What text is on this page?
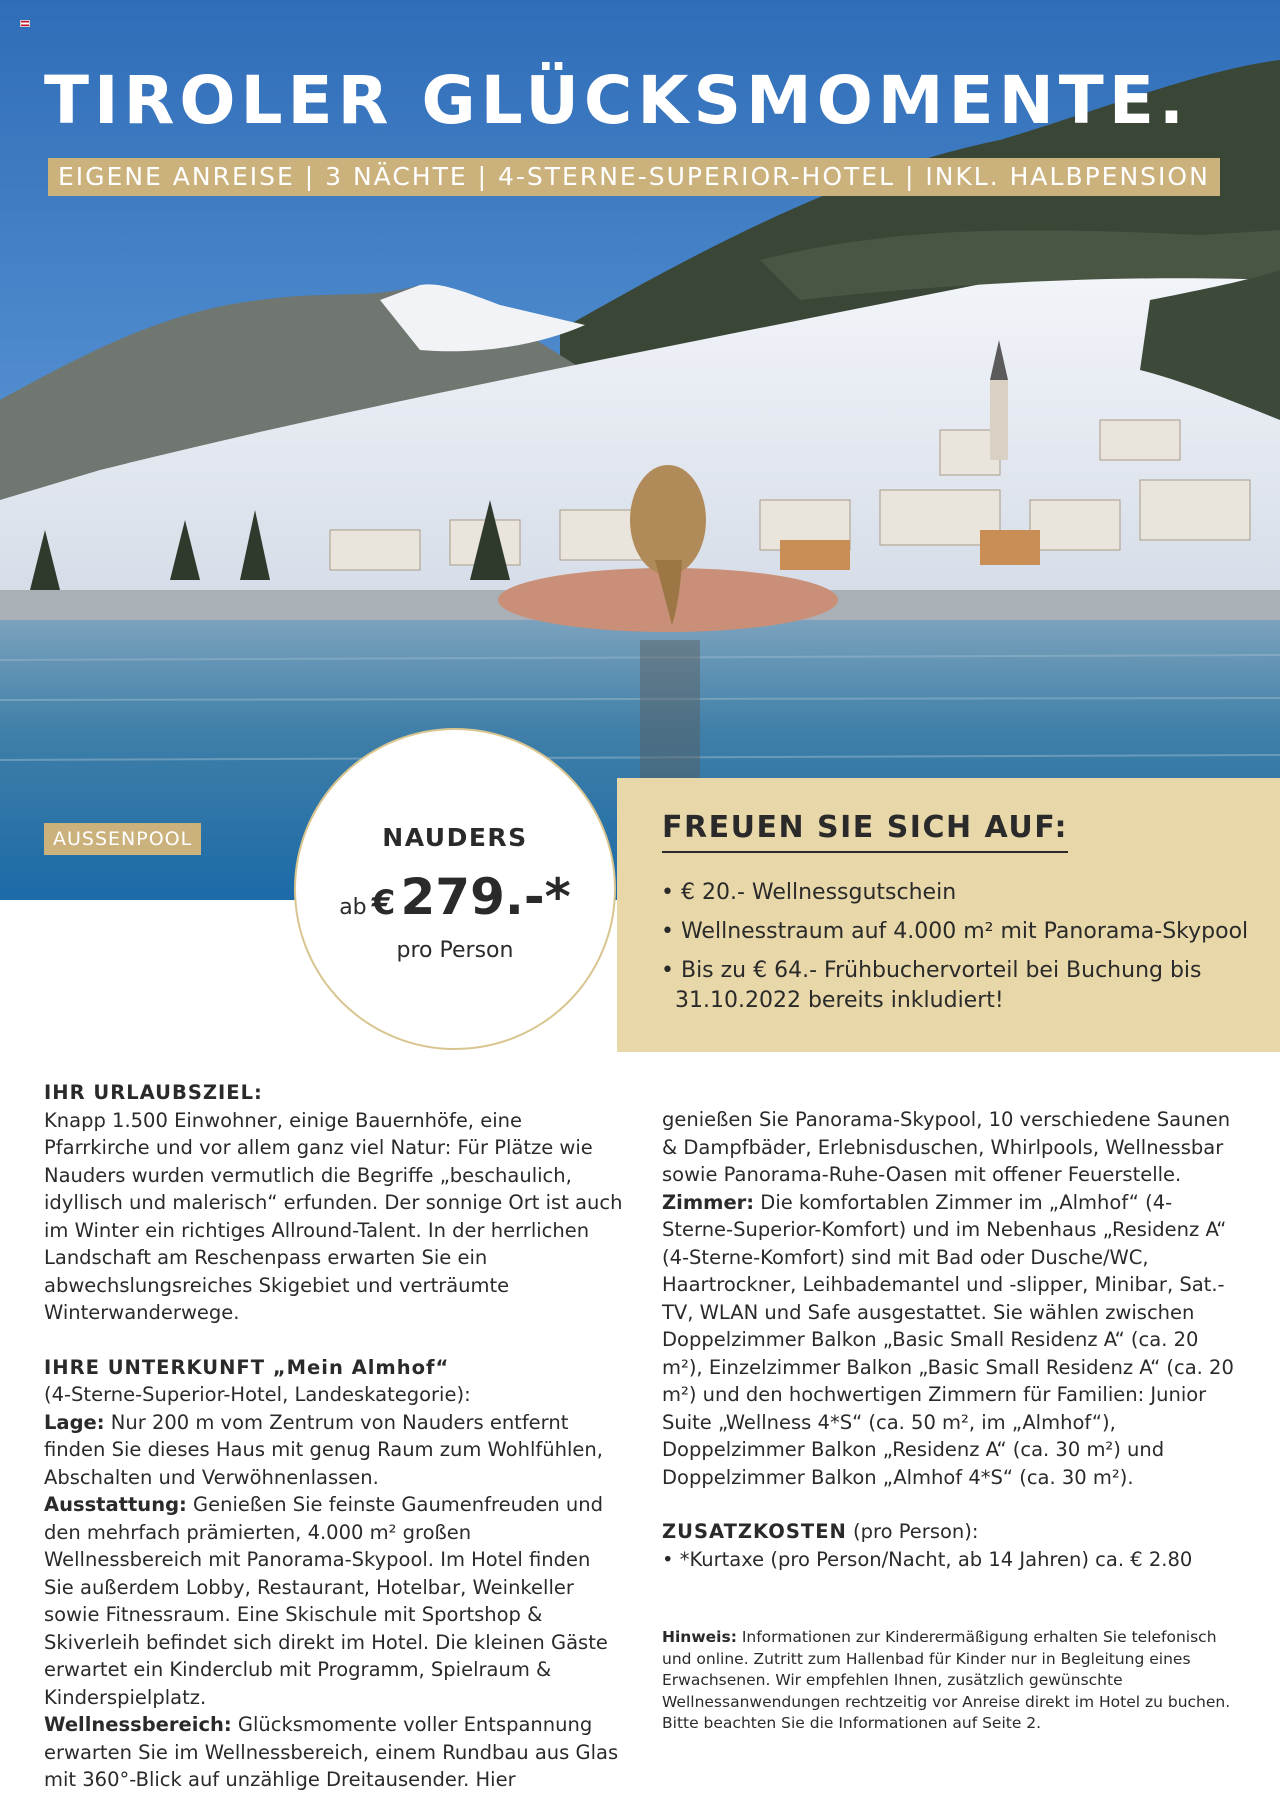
TIROLER GLÜCKSMOMENTE.
EIGENE ANREISE | 3 NÄCHTE | 4-STERNE-SUPERIOR-HOTEL | INKL. HALBPENSION
AUSSENPOOL	FREUEN SIE SICH AUF:
• € 20.- Wellnessgutschein
• Wellnesstraum auf 4.000 m² mit Panorama-Skypool
• Bis zu € 64.- Frühbuchervorteil bei Buchung bis 31.10.2022 bereits inkludiert!
NAUDERS
ab € 279.-*
pro Person
IHR URLAUBSZIEL:

Knapp 1.500 Einwohner, einige Bauernhöfe, eine Pfarrkirche und vor allem ganz viel Natur: Für Plätze wie Nauders wurden vermutlich die Begriffe „beschaulich, idyllisch und malerisch“ erfunden. Der sonnige Ort ist auch im Winter ein richtiges Allround-Talent. In der herrlichen Landschaft am Reschenpass erwarten Sie ein abwechslungsreiches Skigebiet und verträumte Winterwanderwege.

IHRE UNTERKUNFT „Mein Almhof“

(4-Sterne-Superior-Hotel, Landeskategorie):

Lage: Nur 200 m vom Zentrum von Nauders entfernt finden Sie dieses Haus mit genug Raum zum Wohlfühlen, Abschalten und Verwöhnenlassen.

Ausstattung: Genießen Sie feinste Gaumenfreuden und den mehrfach prämierten, 4.000 m² großen Wellnessbereich mit Panorama-Skypool. Im Hotel finden Sie außerdem Lobby, Restaurant, Hotelbar, Weinkeller sowie Fitnessraum. Eine Skischule mit Sportshop & Skiverleih befindet sich direkt im Hotel. Die kleinen Gäste erwartet ein Kinderclub mit Programm, Spielraum & Kinderspielplatz.

Wellnessbereich: Glücksmomente voller Entspannung erwarten Sie im Wellnessbereich, einem Rundbau aus Glas mit 360°-Blick auf unzählige Dreitausender. Hier

genießen Sie Panorama-Skypool, 10 verschiedene Saunen & Dampfbäder, Erlebnisduschen, Whirlpools, Wellnessbar sowie Panorama-Ruhe-Oasen mit offener Feuerstelle.

Zimmer: Die komfortablen Zimmer im „Almhof“ (4-Sterne-Superior-Komfort) und im Nebenhaus „Residenz A“ (4-Sterne-Komfort) sind mit Bad oder Dusche/WC, Haartrockner, Leihbademantel und -slipper, Minibar, Sat.-TV, WLAN und Safe ausgestattet. Sie wählen zwischen Doppelzimmer Balkon „Basic Small Residenz A“ (ca. 20 m²), Einzelzimmer Balkon „Basic Small Residenz A“ (ca. 20 m²) und den hochwertigen Zimmern für Familien: Junior Suite „Wellness 4*S“ (ca. 50 m², im „Almhof“), Doppelzimmer Balkon „Residenz A“ (ca. 30 m²) und Doppelzimmer Balkon „Almhof 4*S“ (ca. 30 m²).

ZUSATZKOSTEN (pro Person):

• *Kurtaxe (pro Person/Nacht, ab 14 Jahren) ca. € 2.80

Hinweis: Informationen zur Kinderermäßigung erhalten Sie telefonisch und online. Zutritt zum Hallenbad für Kinder nur in Begleitung eines Erwachsenen. Wir empfehlen Ihnen, zusätzlich gewünschte Wellnessanwendungen rechtzeitig vor Anreise direkt im Hotel zu buchen. Bitte beachten Sie die Informationen auf Seite 2.
